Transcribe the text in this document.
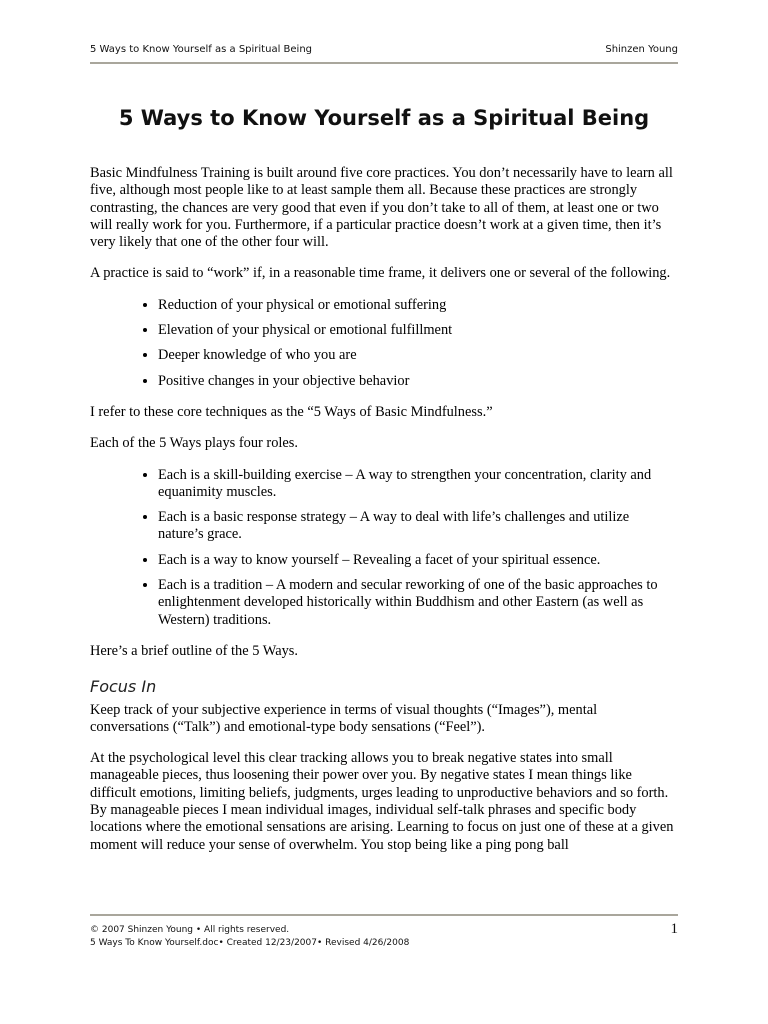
5 Ways to Know Yourself as a Spiritual Being	Shinzen Young
5 Ways to Know Yourself as a Spiritual Being

Basic Mindfulness Training is built around five core practices. You don’t necessarily have to learn all five, although most people like to at least sample them all. Because these practices are strongly contrasting, the chances are very good that even if you don’t take to all of them, at least one or two will really work for you. Furthermore, if a particular practice doesn’t work at a given time, then it’s very likely that one of the other four will.

A practice is said to “work” if, in a reasonable time frame, it delivers one or several of the following.

• Reduction of your physical or emotional suffering
• Elevation of your physical or emotional fulfillment
• Deeper knowledge of who you are
• Positive changes in your objective behavior

I refer to these core techniques as the “5 Ways of Basic Mindfulness.”

Each of the 5 Ways plays four roles.

• Each is a skill-building exercise – A way to strengthen your concentration, clarity and equanimity muscles.
• Each is a basic response strategy – A way to deal with life’s challenges and utilize nature’s grace.
• Each is a way to know yourself – Revealing a facet of your spiritual essence.
• Each is a tradition – A modern and secular reworking of one of the basic approaches to enlightenment developed historically within Buddhism and other Eastern (as well as Western) traditions.

Here’s a brief outline of the 5 Ways.

Focus In

Keep track of your subjective experience in terms of visual thoughts (“Images”), mental conversations (“Talk”) and emotional-type body sensations (“Feel”).

At the psychological level this clear tracking allows you to break negative states into small manageable pieces, thus loosening their power over you. By negative states I mean things like difficult emotions, limiting beliefs, judgments, urges leading to unproductive behaviors and so forth. By manageable pieces I mean individual images, individual self-talk phrases and specific body locations where the emotional sensations are arising. Learning to focus on just one of these at a given moment will reduce your sense of overwhelm. You stop being like a ping pong ball

© 2007 Shinzen Young • All rights reserved.
5 Ways To Know Yourself.doc• Created 12/23/2007• Revised 4/26/2008
1
